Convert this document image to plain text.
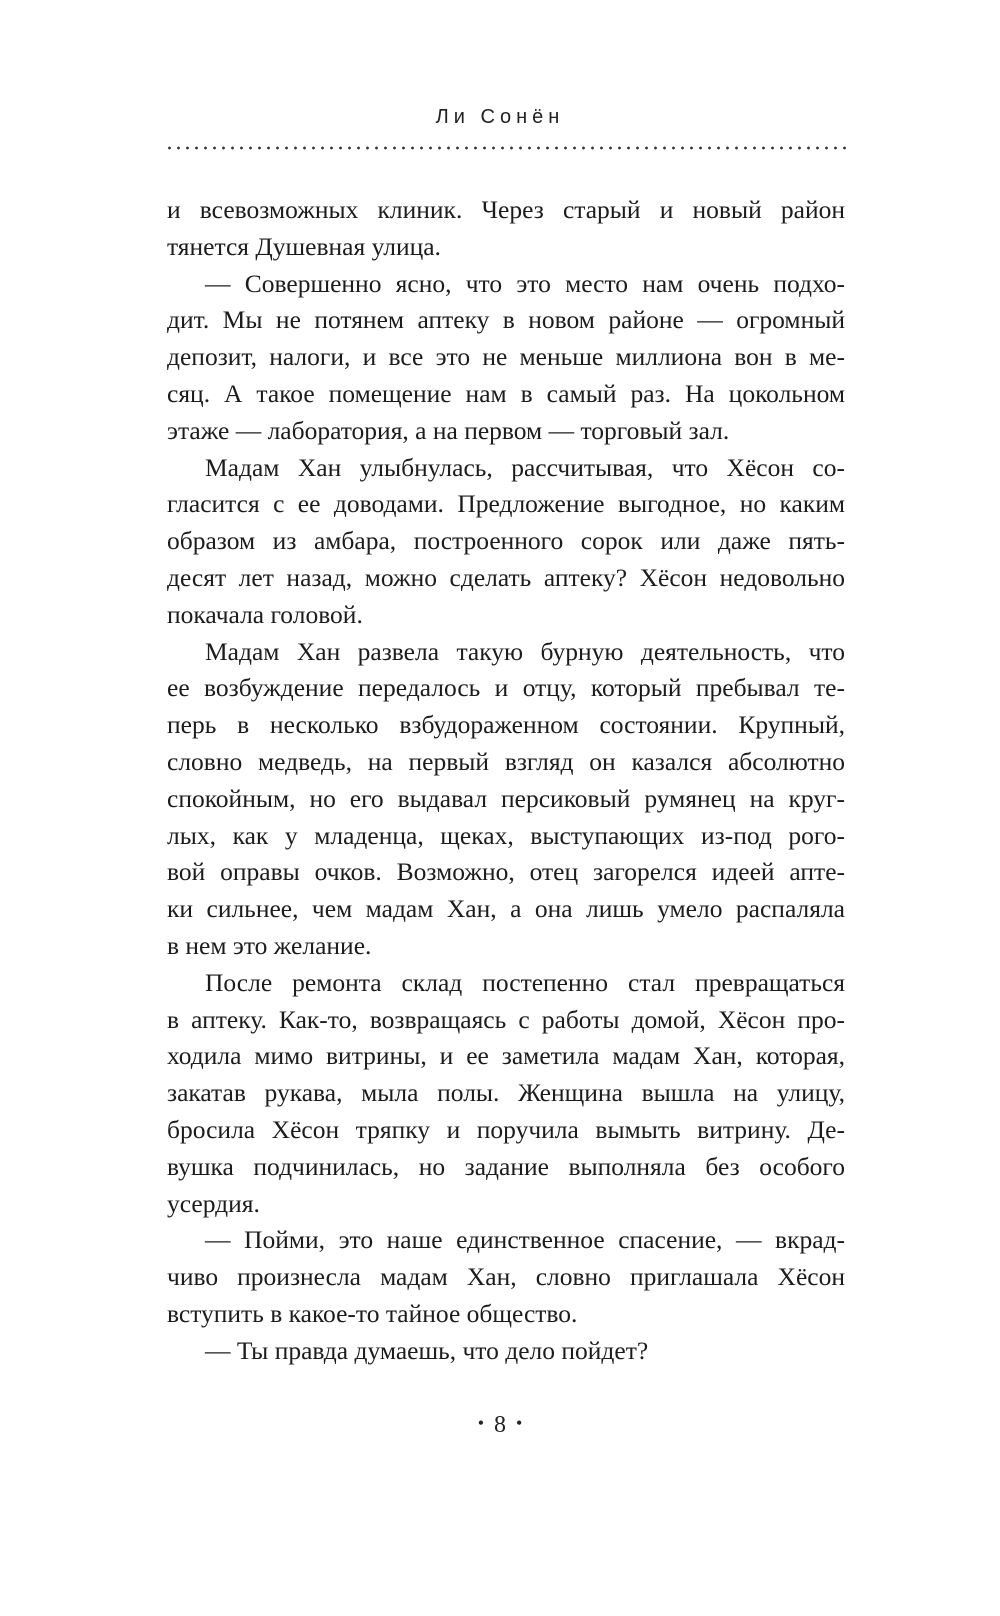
Ли Сонён
и всевозможных клиник. Через старый и новый район
тянется Душевная улица.
— Совершенно ясно, что это место нам очень подхо-
дит. Мы не потянем аптеку в новом районе — огромный
депозит, налоги, и все это не меньше миллиона вон в ме-
сяц. А такое помещение нам в самый раз. На цокольном
этаже — лаборатория, а на первом — торговый зал.
Мадам Хан улыбнулась, рассчитывая, что Хёсон со-
гласится с ее доводами. Предложение выгодное, но каким
образом из амбара, построенного сорок или даже пять-
десят лет назад, можно сделать аптеку? Хёсон недовольно
покачала головой.
Мадам Хан развела такую бурную деятельность, что
ее возбуждение передалось и отцу, который пребывал те-
перь в несколько взбудораженном состоянии. Крупный,
словно медведь, на первый взгляд он казался абсолютно
спокойным, но его выдавал персиковый румянец на круг-
лых, как у младенца, щеках, выступающих из-под рого-
вой оправы очков. Возможно, отец загорелся идеей апте-
ки сильнее, чем мадам Хан, а она лишь умело распаляла
в нем это желание.
После ремонта склад постепенно стал превращаться
в аптеку. Как-то, возвращаясь с работы домой, Хёсон про-
ходила мимо витрины, и ее заметила мадам Хан, которая,
закатав рукава, мыла полы. Женщина вышла на улицу,
бросила Хёсон тряпку и поручила вымыть витрину. Де-
вушка подчинилась, но задание выполняла без особого
усердия.
— Пойми, это наше единственное спасение, — вкрад-
чиво произнесла мадам Хан, словно приглашала Хёсон
вступить в какое-то тайное общество.
— Ты правда думаешь, что дело пойдет?
• 8 •
